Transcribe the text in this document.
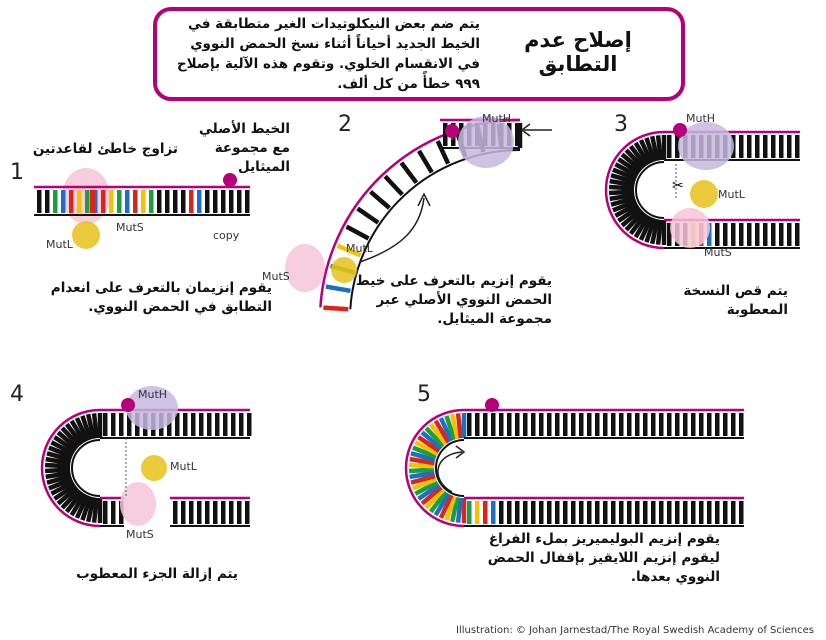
✂
إصلاح عدم التطابق
يتم ضم بعض النيكلوتيدات الغير متطابقة في الخيط الجديد أحياناً أثناء نسخ الحمض النووي في الانقسام الخلوي. وتقوم هذه الآلية بإصلاح ٩٩٩ خطأً من كل ألف.
1
2	3
4	5
تزاوج خاطئ لقاعدتين
الخيط الأصلي مع مجموعة الميثايل
copy
يقوم إنزيمان بالتعرف على انعدام التطابق في الحمض النووي.
يقوم إنزيم بالتعرف على خيط الحمض النووي الأصلي عبر مجموعة الميثايل.
يتم قص النسخة المعطوبة
يتم إزالة الجزء المعطوب
يقوم إنزيم البوليميريز بملء الفراغ ليقوم إنزيم اللايقيز بإقفال الحمض النووي بعدها.
MutL
MutS
MutL
MutS
MutH	MutH
MutL
MutS
MutH
MutL
MutS
Illustration: © Johan Jarnestad/The Royal Swedish Academy of Sciences
